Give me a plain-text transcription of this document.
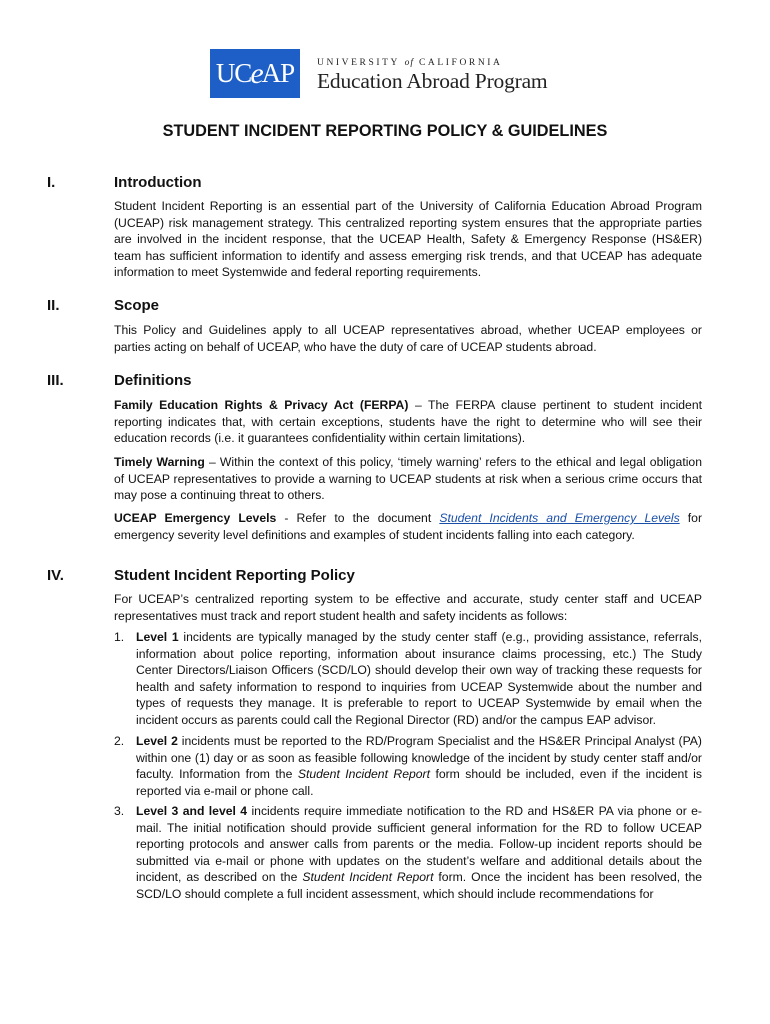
UC e AP UNIVERSITY of CALIFORNIA
Education Abroad Program
STUDENT INCIDENT REPORTING POLICY & GUIDELINES
I.	Introduction
Student Incident Reporting is an essential part of the University of California Education Abroad Program (UCEAP) risk management strategy. This centralized reporting system ensures that the appropriate parties are involved in the incident response, that the UCEAP Health, Safety & Emergency Response (HS&ER) team has sufficient information to identify and assess emerging risk trends, and that UCEAP has adequate information to meet Systemwide and federal reporting requirements.
II.	Scope
This Policy and Guidelines apply to all UCEAP representatives abroad, whether UCEAP employees or parties acting on behalf of UCEAP, who have the duty of care of UCEAP students abroad.
III.	Definitions
Family Education Rights & Privacy Act (FERPA) – The FERPA clause pertinent to student incident reporting indicates that, with certain exceptions, students have the right to determine who will see their education records (i.e. it guarantees confidentiality within certain limitations).
Timely Warning – Within the context of this policy, ‘timely warning’ refers to the ethical and legal obligation of UCEAP representatives to provide a warning to UCEAP students at risk when a serious crime occurs that may pose a continuing threat to others.
UCEAP Emergency Levels - Refer to the document Student Incidents and Emergency Levels for emergency severity level definitions and examples of student incidents falling into each category.
IV.	Student Incident Reporting Policy
For UCEAP’s centralized reporting system to be effective and accurate, study center staff and UCEAP representatives must track and report student health and safety incidents as follows:
1. Level 1 incidents are typically managed by the study center staff (e.g., providing assistance, referrals, information about police reporting, information about insurance claims processing, etc.) The Study Center Directors/Liaison Officers (SCD/LO) should develop their own way of tracking these requests for health and safety information to respond to inquiries from UCEAP Systemwide about the number and types of requests they manage. It is preferable to report to UCEAP Systemwide by email when the incident occurs as parents could call the Regional Director (RD) and/or the campus EAP advisor.
2. Level 2 incidents must be reported to the RD/Program Specialist and the HS&ER Principal Analyst (PA) within one (1) day or as soon as feasible following knowledge of the incident by study center staff and/or faculty. Information from the Student Incident Report form should be included, even if the incident is reported via e-mail or phone call.
3. Level 3 and level 4 incidents require immediate notification to the RD and HS&ER PA via phone or e-mail. The initial notification should provide sufficient general information for the RD to follow UCEAP reporting protocols and answer calls from parents or the media. Follow-up incident reports should be submitted via e-mail or phone with updates on the student’s welfare and additional details about the incident, as described on the Student Incident Report form. Once the incident has been resolved, the SCD/LO should complete a full incident assessment, which should include recommendations for
